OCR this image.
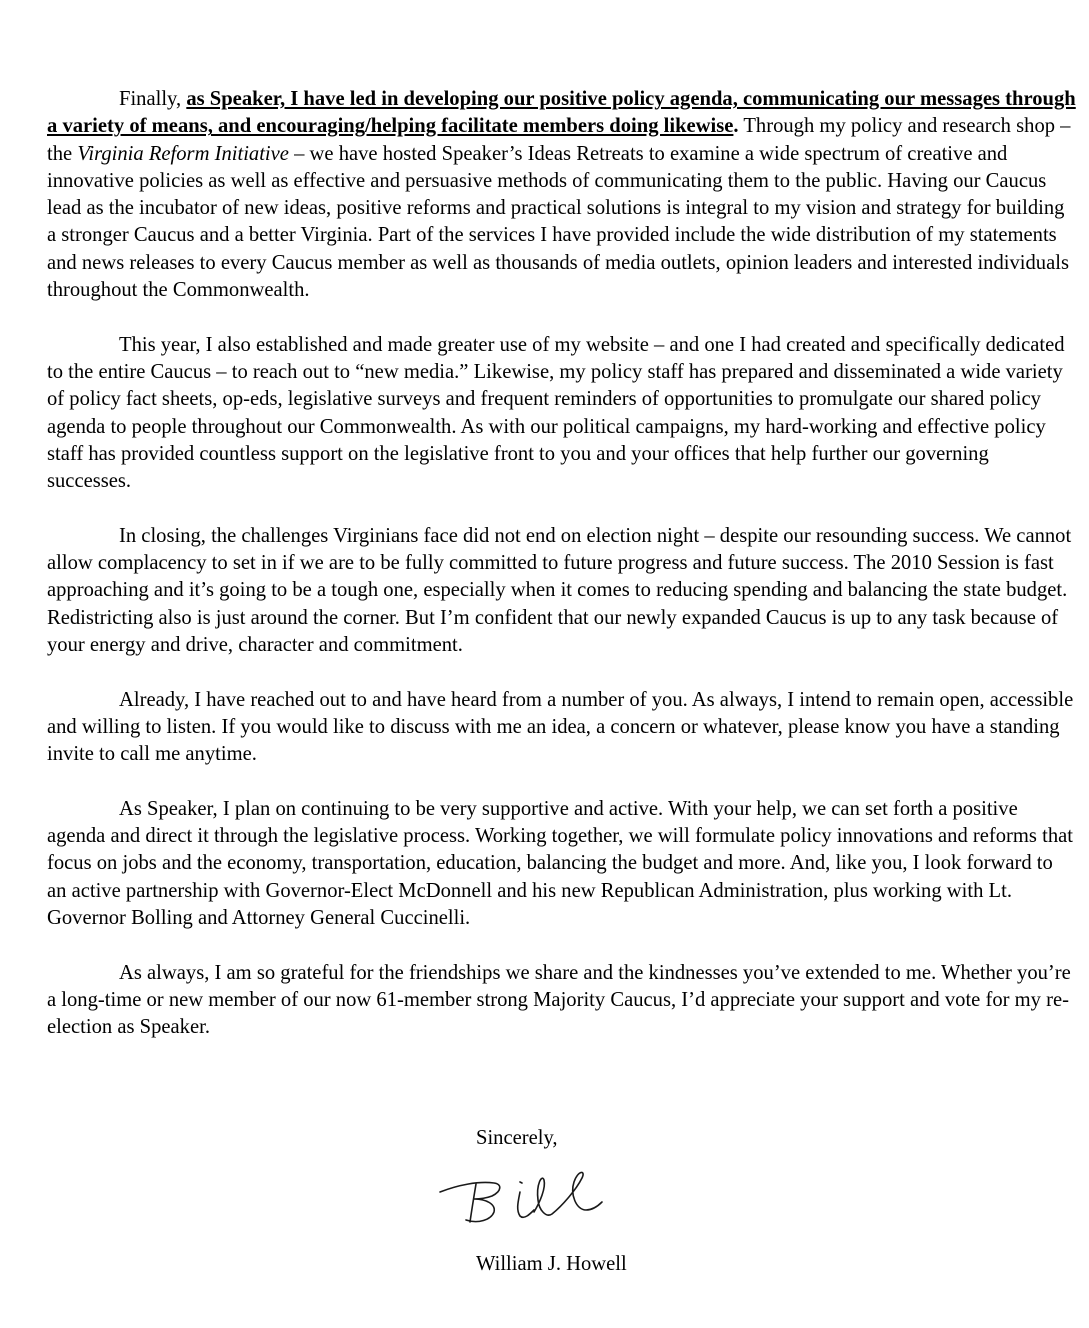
Finally, as Speaker, I have led in developing our positive policy agenda, communicating our messages through a variety of means, and encouraging/helping facilitate members doing likewise. Through my policy and research shop – the Virginia Reform Initiative – we have hosted Speaker’s Ideas Retreats to examine a wide spectrum of creative and innovative policies as well as effective and persuasive methods of communicating them to the public. Having our Caucus lead as the incubator of new ideas, positive reforms and practical solutions is integral to my vision and strategy for building a stronger Caucus and a better Virginia. Part of the services I have provided include the wide distribution of my statements and news releases to every Caucus member as well as thousands of media outlets, opinion leaders and interested individuals throughout the Commonwealth.

This year, I also established and made greater use of my website – and one I had created and specifically dedicated to the entire Caucus – to reach out to “new media.” Likewise, my policy staff has prepared and disseminated a wide variety of policy fact sheets, op-eds, legislative surveys and frequent reminders of opportunities to promulgate our shared policy agenda to people throughout our Commonwealth. As with our political campaigns, my hard-working and effective policy staff has provided countless support on the legislative front to you and your offices that help further our governing successes.

In closing, the challenges Virginians face did not end on election night – despite our resounding success. We cannot allow complacency to set in if we are to be fully committed to future progress and future success. The 2010 Session is fast approaching and it’s going to be a tough one, especially when it comes to reducing spending and balancing the state budget. Redistricting also is just around the corner. But I’m confident that our newly expanded Caucus is up to any task because of your energy and drive, character and commitment.

Already, I have reached out to and have heard from a number of you. As always, I intend to remain open, accessible and willing to listen. If you would like to discuss with me an idea, a concern or whatever, please know you have a standing invite to call me anytime.

As Speaker, I plan on continuing to be very supportive and active. With your help, we can set forth a positive agenda and direct it through the legislative process. Working together, we will formulate policy innovations and reforms that focus on jobs and the economy, transportation, education, balancing the budget and more. And, like you, I look forward to an active partnership with Governor-Elect McDonnell and his new Republican Administration, plus working with Lt. Governor Bolling and Attorney General Cuccinelli.

As always, I am so grateful for the friendships we share and the kindnesses you’ve extended to me. Whether you’re a long-time or new member of our now 61-member strong Majority Caucus, I’d appreciate your support and vote for my re-election as Speaker.

Sincerely,
William J. Howell
